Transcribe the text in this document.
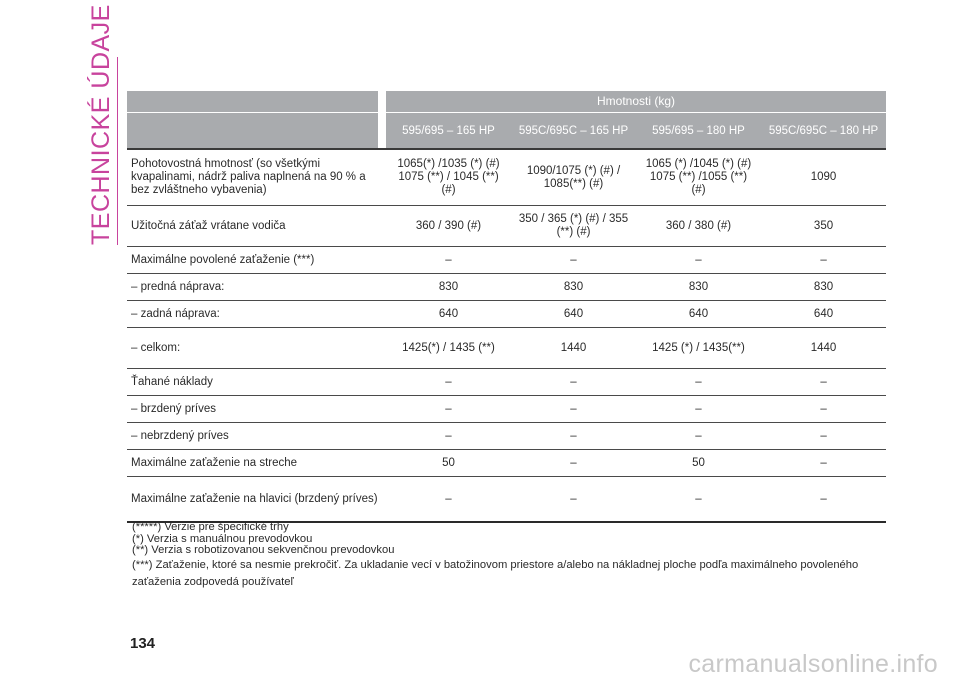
TECHNICKÉ ÚDAJE
			Hmotnosti (kg)			
		595/695 – 165 HP	595C/695C – 165 HP	595/695 – 180 HP	595C/695C – 180 HP
Pohotovostná hmotnosť (so všetkými kvapalinami, nádrž paliva naplnená na 90 % a bez zvláštneho vybavenia)		1065(*) /1035 (*) (#) 1075 (**) / 1045 (**) (#)	1090/1075 (*) (#) / 1085(**) (#)	1065 (*) /1045 (*) (#) 1075 (**) /1055 (**) (#)	1090
Užitočná záťaž vrátane vodiča		360 / 390 (#)	350 / 365 (*) (#) / 355 (**) (#)	360 / 380 (#)	350
Maximálne povolené zaťaženie (***)		–	–	–	–
– predná náprava:		830	830	830	830
– zadná náprava:		640	640	640	640
– celkom:		1425(*) / 1435 (**)	1440	1425 (*) / 1435(**)	1440
Ťahané náklady		–	–	–	–
– brzdený príves		–	–	–	–
– nebrzdený príves		–	–	–	–
Maximálne zaťaženie na streche		50	–	50	–
Maximálne zaťaženie na hlavici (brzdený príves)		–	–	–	–
(*****) Verzie pre špecifické trhy
(*) Verzia s manuálnou prevodovkou
(**) Verzia s robotizovanou sekvenčnou prevodovkou
(***) Zaťaženie, ktoré sa nesmie prekročiť. Za ukladanie vecí v batožinovom priestore a/alebo na nákladnej ploche podľa maximálneho povoleného zaťaženia zodpovedá používateľ
134
carmanualsonline.info
